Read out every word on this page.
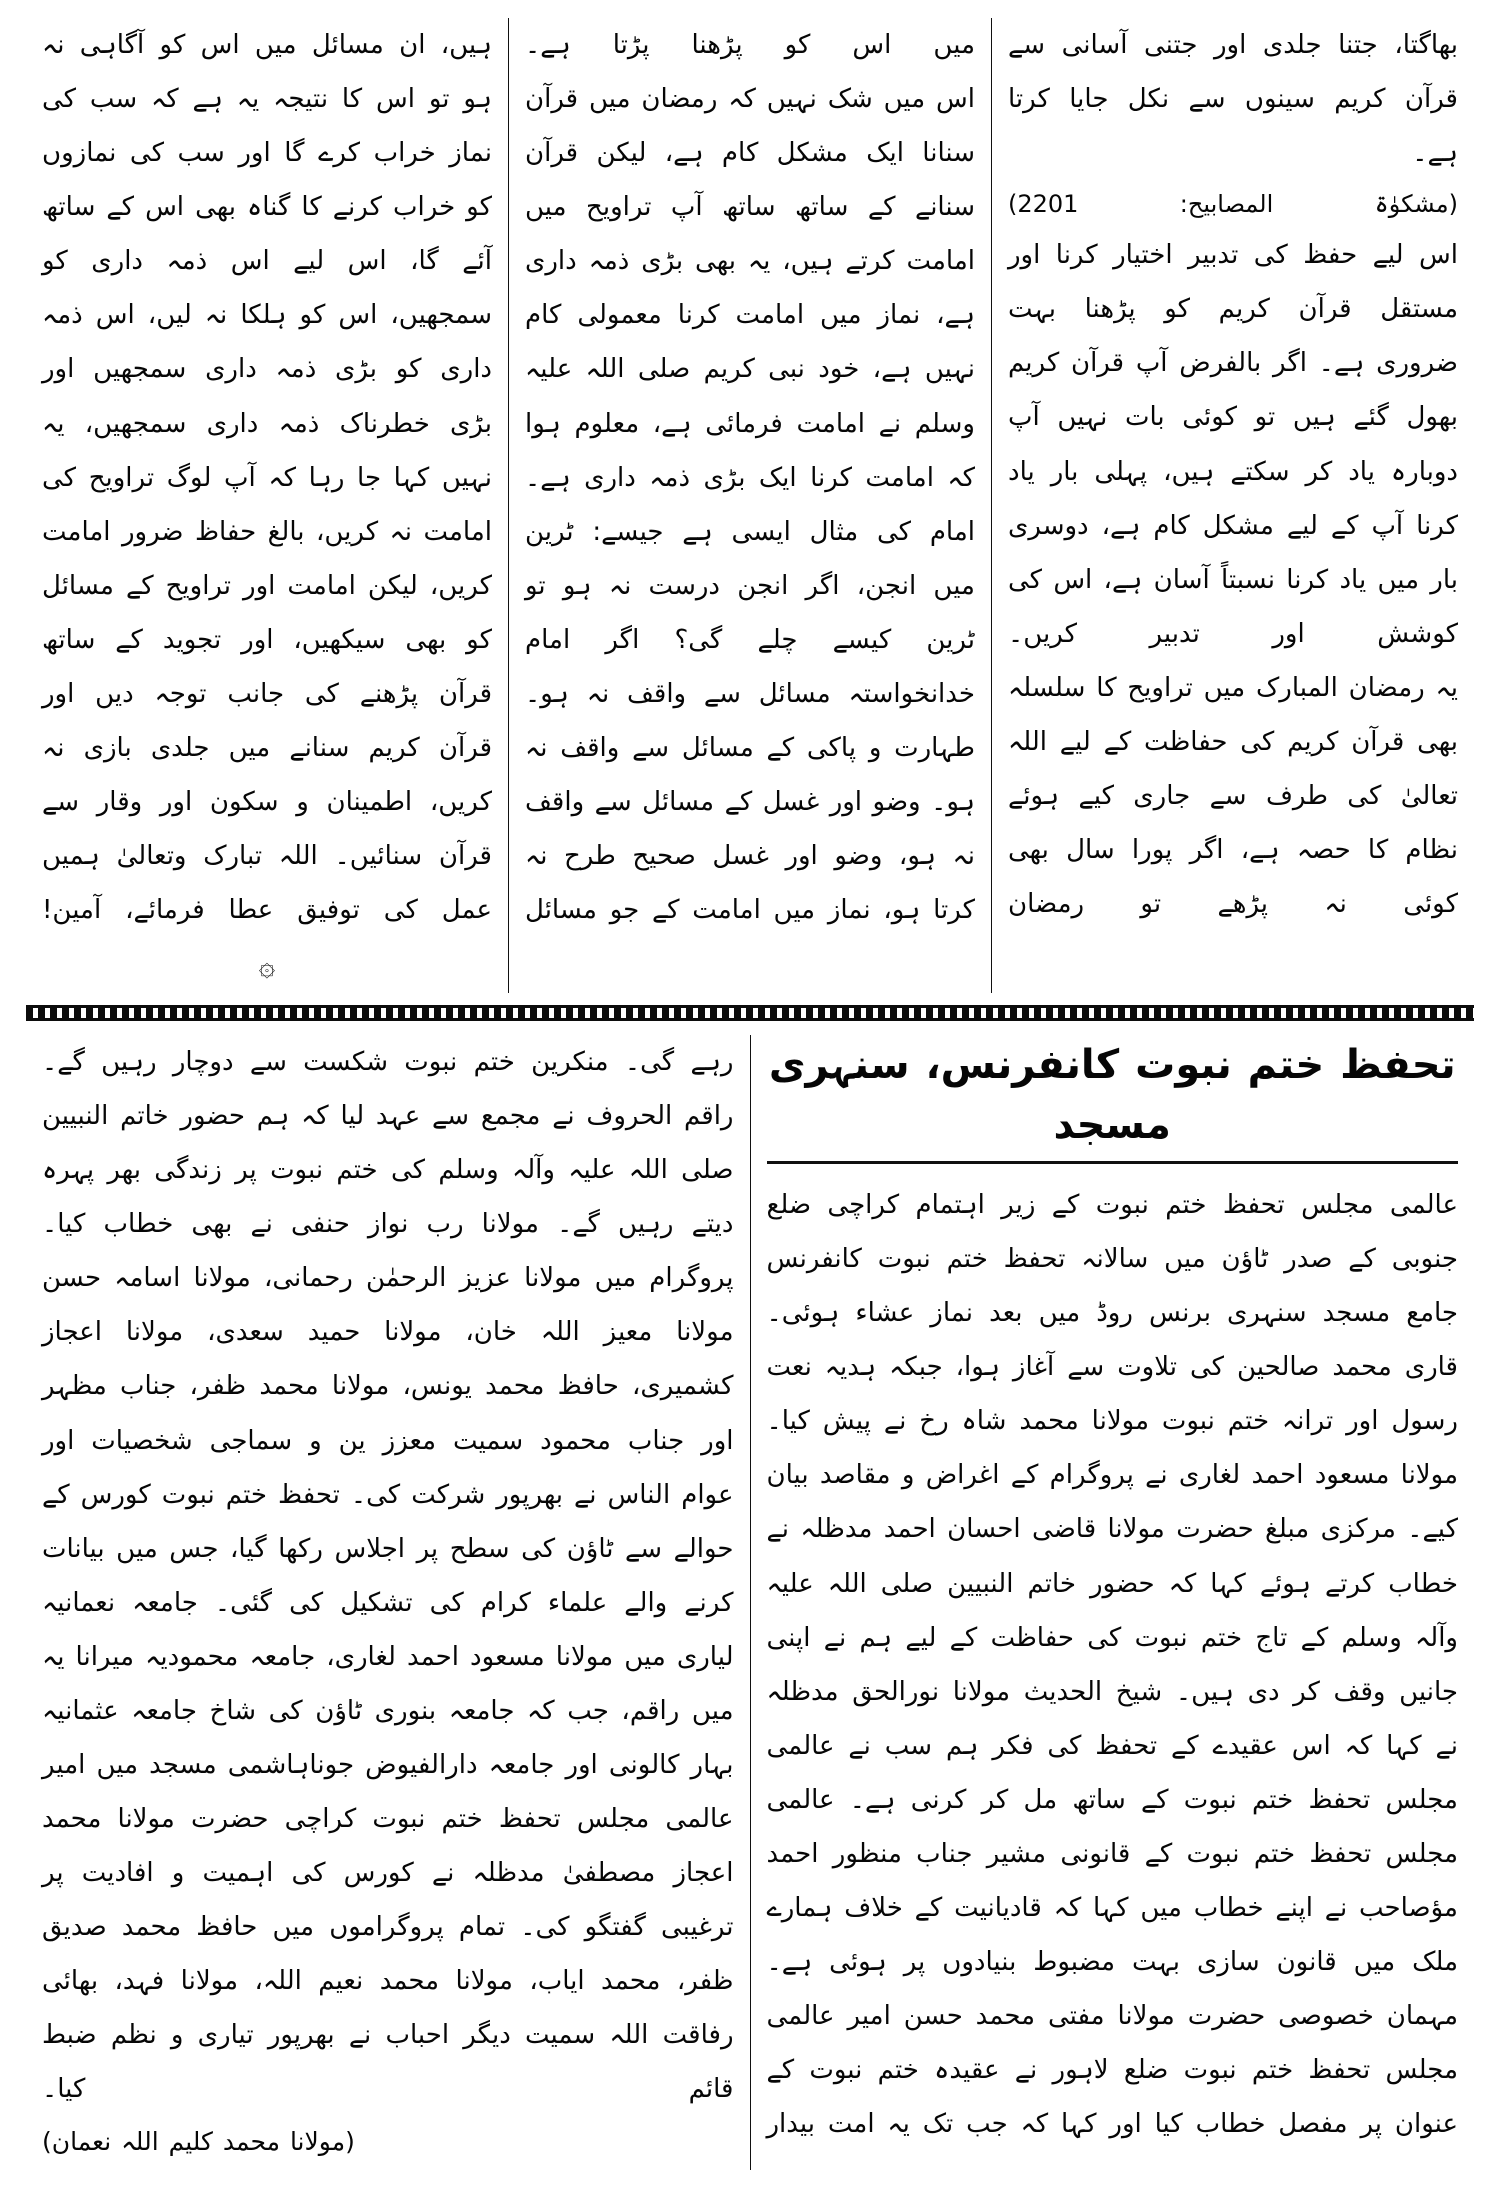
بھاگتا، جتنا جلدی اور جتنی آسانی سے قرآن کریم سینوں سے نکل جایا کرتا ہے۔

(مشکوٰۃ المصابیح: 2201)

اس لیے حفظ کی تدبیر اختیار کرنا اور مستقل قرآن کریم کو پڑھنا بہت ضروری ہے۔ اگر بالفرض آپ قرآن کریم بھول گئے ہیں تو کوئی بات نہیں آپ دوبارہ یاد کر سکتے ہیں، پہلی بار یاد کرنا آپ کے لیے مشکل کام ہے، دوسری بار میں یاد کرنا نسبتاً آسان ہے، اس کی کوشش اور تدبیر کریں۔

یہ رمضان المبارک میں تراویح کا سلسلہ بھی قرآن کریم کی حفاظت کے لیے اللہ تعالیٰ کی طرف سے جاری کیے ہوئے نظام کا حصہ ہے، اگر پورا سال بھی کوئی نہ پڑھے تو رمضان

میں اس کو پڑھنا پڑتا ہے۔

اس میں شک نہیں کہ رمضان میں قرآن سنانا ایک مشکل کام ہے، لیکن قرآن سنانے کے ساتھ ساتھ آپ تراویح میں امامت کرتے ہیں، یہ بھی بڑی ذمہ داری ہے، نماز میں امامت کرنا معمولی کام نہیں ہے، خود نبی کریم صلی اللہ علیہ وسلم نے امامت فرمائی ہے، معلوم ہوا کہ امامت کرنا ایک بڑی ذمہ داری ہے۔ امام کی مثال ایسی ہے جیسے: ٹرین میں انجن، اگر انجن درست نہ ہو تو ٹرین کیسے چلے گی؟ اگر امام خدانخواستہ مسائل سے واقف نہ ہو۔ طہارت و پاکی کے مسائل سے واقف نہ ہو۔ وضو اور غسل کے مسائل سے واقف نہ ہو، وضو اور غسل صحیح طرح نہ کرتا ہو، نماز میں امامت کے جو مسائل

ہیں، ان مسائل میں اس کو آگاہی نہ ہو تو اس کا نتیجہ یہ ہے کہ سب کی نماز خراب کرے گا اور سب کی نمازوں کو خراب کرنے کا گناہ بھی اس کے ساتھ آئے گا، اس لیے اس ذمہ داری کو سمجھیں، اس کو ہلکا نہ لیں، اس ذمہ داری کو بڑی ذمہ داری سمجھیں اور بڑی خطرناک ذمہ داری سمجھیں، یہ نہیں کہا جا رہا کہ آپ لوگ تراویح کی امامت نہ کریں، بالغ حفاظ ضرور امامت کریں، لیکن امامت اور تراویح کے مسائل کو بھی سیکھیں، اور تجوید کے ساتھ قرآن پڑھنے کی جانب توجہ دیں اور قرآن کریم سنانے میں جلدی بازی نہ کریں، اطمینان و سکون اور وقار سے قرآن سنائیں۔ اللہ تبارک وتعالیٰ ہمیں عمل کی توفیق عطا فرمائے، آمین!

۞

تحفظ ختم نبوت کانفرنس، سنہری مسجد

عالمی مجلس تحفظ ختم نبوت کے زیر اہتمام کراچی ضلع جنوبی کے صدر ٹاؤن میں سالانہ تحفظ ختم نبوت کانفرنس جامع مسجد سنہری برنس روڈ میں بعد نماز عشاء ہوئی۔ قاری محمد صالحین کی تلاوت سے آغاز ہوا، جبکہ ہدیہ نعت رسول اور ترانہ ختم نبوت مولانا محمد شاہ رخ نے پیش کیا۔ مولانا مسعود احمد لغاری نے پروگرام کے اغراض و مقاصد بیان کیے۔ مرکزی مبلغ حضرت مولانا قاضی احسان احمد مدظلہ نے خطاب کرتے ہوئے کہا کہ حضور خاتم النبیین صلی اللہ علیہ وآلہ وسلم کے تاج ختم نبوت کی حفاظت کے لیے ہم نے اپنی جانیں وقف کر دی ہیں۔ شیخ الحدیث مولانا نورالحق مدظلہ نے کہا کہ اس عقیدے کے تحفظ کی فکر ہم سب نے عالمی مجلس تحفظ ختم نبوت کے ساتھ مل کر کرنی ہے۔ عالمی مجلس تحفظ ختم نبوت کے قانونی مشیر جناب منظور احمد مؤصاحب نے اپنے خطاب میں کہا کہ قادیانیت کے خلاف ہمارے ملک میں قانون سازی بہت مضبوط بنیادوں پر ہوئی ہے۔ مہمان خصوصی حضرت مولانا مفتی محمد حسن امیر عالمی مجلس تحفظ ختم نبوت ضلع لاہور نے عقیدہ ختم نبوت کے عنوان پر مفصل خطاب کیا اور کہا کہ جب تک یہ امت بیدار

رہے گی۔ منکرین ختم نبوت شکست سے دوچار رہیں گے۔ راقم الحروف نے مجمع سے عہد لیا کہ ہم حضور خاتم النبیین صلی اللہ علیہ وآلہ وسلم کی ختم نبوت پر زندگی بھر پہرہ دیتے رہیں گے۔ مولانا رب نواز حنفی نے بھی خطاب کیا۔ پروگرام میں مولانا عزیز الرحمٰن رحمانی، مولانا اسامہ حسن مولانا معیز اللہ خان، مولانا حمید سعدی، مولانا اعجاز کشمیری، حافظ محمد یونس، مولانا محمد ظفر، جناب مظہر اور جناب محمود سمیت معزز ین و سماجی شخصیات اور عوام الناس نے بھرپور شرکت کی۔ تحفظ ختم نبوت کورس کے حوالے سے ٹاؤن کی سطح پر اجلاس رکھا گیا، جس میں بیانات کرنے والے علماء کرام کی تشکیل کی گئی۔ جامعہ نعمانیہ لیاری میں مولانا مسعود احمد لغاری، جامعہ محمودیہ میرانا یہ میں راقم، جب کہ جامعہ بنوری ٹاؤن کی شاخ جامعہ عثمانیہ بہار کالونی اور جامعہ دارالفیوض جوناہاشمی مسجد میں امیر عالمی مجلس تحفظ ختم نبوت کراچی حضرت مولانا محمد اعجاز مصطفیٰ مدظلہ نے کورس کی اہمیت و افادیت پر ترغیبی گفتگو کی۔ تمام پروگراموں میں حافظ محمد صدیق ظفر، محمد ایاب، مولانا محمد نعیم اللہ، مولانا فہد، بھائی رفاقت اللہ سمیت دیگر احباب نے بھرپور تیاری و نظم ضبط قائم کیا۔

(مولانا محمد کلیم اللہ نعمان)
